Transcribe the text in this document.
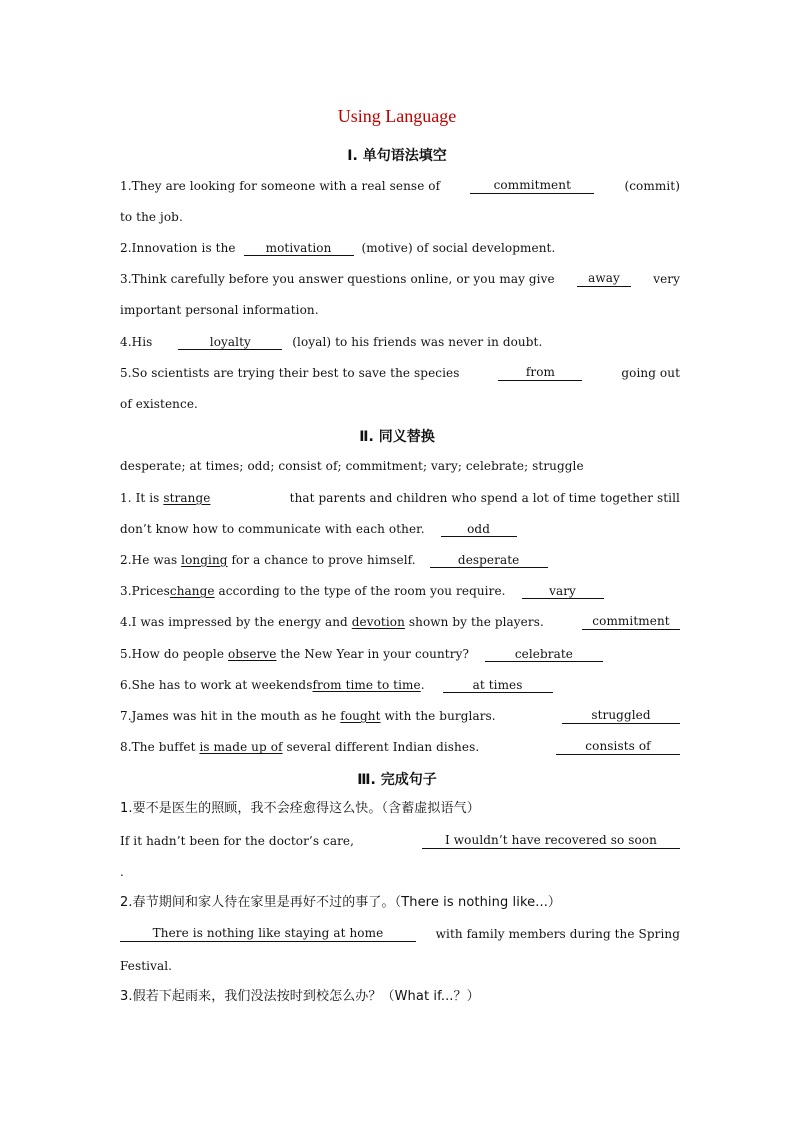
Using Language
Ⅰ. 单句语法填空
1.They are looking for someone with a real sense of	commitment	(commit)
to the job.
2.Innovation is the	motivation	(motive) of social development.
3.Think carefully before you answer questions online, or you may give	away	very
important personal information.
4.His	loyalty	(loyal) to his friends was never in doubt.
5.So scientists are trying their best to save the species	from	going out
of existence.
Ⅱ. 同义替换
desperate; at times; odd; consist of; commitment; vary; celebrate; struggle
1. It is strange	that parents and children who spend a lot of time together still
don’t know how to communicate with each other.	odd
2.He was longing for a chance to prove himself.	desperate
3.Priceschange according to the type of the room you require.	vary
4.I was impressed by the energy and devotion shown by the players.	commitment
5.How do people observe the New Year in your country?	celebrate
6.She has to work at weekendsfrom time to time.	at times
7.James was hit in the mouth as he fought with the burglars.	struggled
8.The buffet is made up of several different Indian dishes.	consists of
Ⅲ. 完成句子
1.要不是医生的照顾，我不会痊愈得这么快。（含蓄虚拟语气）
If it hadn’t been for the doctor’s care,	I wouldn’t have recovered so soon
.
2.春节期间和家人待在家里是再好不过的事了。（There is nothing like...）
There is nothing like staying at home	with family members during the Spring
Festival.
3.假若下起雨来，我们没法按时到校怎么办？（What if...？）
